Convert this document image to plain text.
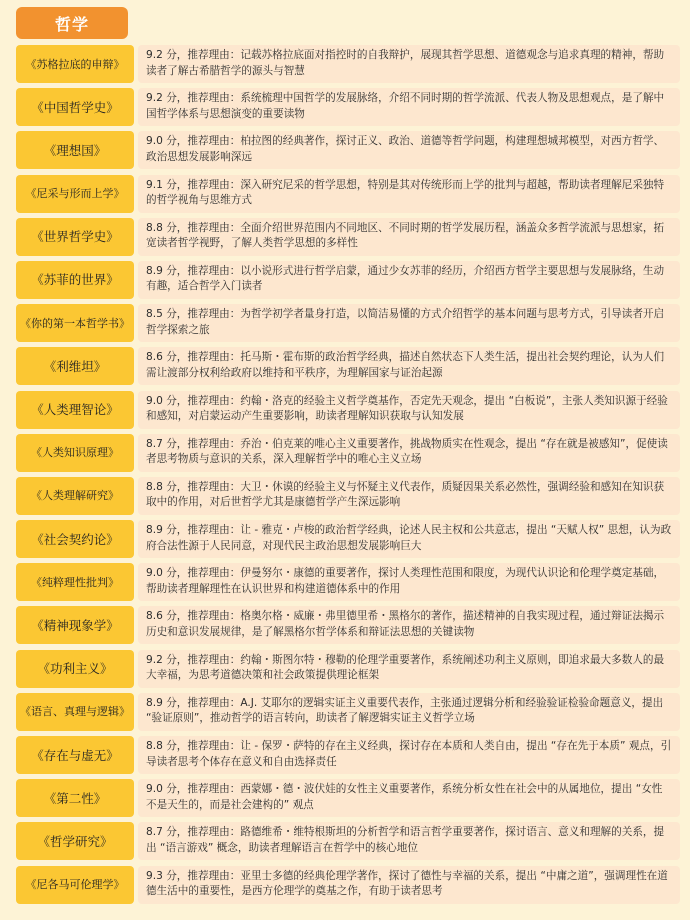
哲学
《苏格拉底的申辩》
9.2 分，推荐理由：记载苏格拉底面对指控时的自我辩护，展现其哲学思想、道德观念与追求真理的精神，帮助读者了解古希腊哲学的源头与智慧
《中国哲学史》
9.2 分，推荐理由：系统梳理中国哲学的发展脉络，介绍不同时期的哲学流派、代表人物及思想观点，是了解中国哲学体系与思想演变的重要读物
《理想国》
9.0 分，推荐理由：柏拉图的经典著作，探讨正义、政治、道德等哲学问题，构建理想城邦模型，对西方哲学、政治思想发展影响深远
《尼采与形而上学》
9.1 分，推荐理由：深入研究尼采的哲学思想，特别是其对传统形而上学的批判与超越，帮助读者理解尼采独特的哲学视角与思维方式
《世界哲学史》
8.8 分，推荐理由：全面介绍世界范围内不同地区、不同时期的哲学发展历程，涵盖众多哲学流派与思想家，拓宽读者哲学视野，了解人类哲学思想的多样性
《苏菲的世界》
8.9 分，推荐理由：以小说形式进行哲学启蒙，通过少女苏菲的经历，介绍西方哲学主要思想与发展脉络，生动有趣，适合哲学入门读者
《你的第一本哲学书》
8.5 分，推荐理由：为哲学初学者量身打造，以简洁易懂的方式介绍哲学的基本问题与思考方式，引导读者开启哲学探索之旅
《利维坦》
8.6 分，推荐理由：托马斯・霍布斯的政治哲学经典，描述自然状态下人类生活，提出社会契约理论，认为人们需让渡部分权利给政府以维持和平秩序，为理解国家与证治起源
《人类理智论》
9.0 分，推荐理由：约翰・洛克的经验主义哲学奠基作，否定先天观念，提出 “白板说”，主张人类知识源于经验和感知，对启蒙运动产生重要影响，助读者理解知识获取与认知发展
《人类知识原理》
8.7 分，推荐理由：乔治・伯克莱的唯心主义重要著作，挑战物质实在性观念，提出 “存在就是被感知”，促使读者思考物质与意识的关系，深入理解哲学中的唯心主义立场
《人类理解研究》
8.8 分，推荐理由：大卫・休谟的经验主义与怀疑主义代表作，质疑因果关系必然性，强调经验和感知在知识获取中的作用，对后世哲学尤其是康德哲学产生深远影响
《社会契约论》
8.9 分，推荐理由：让 - 雅克・卢梭的政治哲学经典，论述人民主权和公共意志，提出 “天赋人权” 思想，认为政府合法性源于人民同意，对现代民主政治思想发展影响巨大
《纯粹理性批判》
9.0 分，推荐理由：伊曼努尔・康德的重要著作，探讨人类理性范围和限度，为现代认识论和伦理学奠定基础，帮助读者理解理性在认识世界和构建道德体系中的作用
《精神现象学》
8.6 分，推荐理由：格奥尔格・威廉・弗里德里希・黑格尔的著作，描述精神的自我实现过程，通过辩证法揭示历史和意识发展规律，是了解黑格尔哲学体系和辩证法思想的关键读物
《功利主义》
9.2 分，推荐理由：约翰・斯图尔特・穆勒的伦理学重要著作，系统阐述功利主义原则，即追求最大多数人的最大幸福，为思考道德决策和社会政策提供理论框架
《语言、真理与逻辑》
8.9 分，推荐理由：A.J. 艾耶尔的逻辑实证主义重要代表作，主张通过逻辑分析和经验验证检验命题意义，提出 “验证原则”，推动哲学的语言转向，助读者了解逻辑实证主义哲学立场
《存在与虚无》
8.8 分，推荐理由：让 - 保罗・萨特的存在主义经典，探讨存在本质和人类自由，提出 “存在先于本质” 观点，引导读者思考个体存在意义和自由选择责任
《第二性》
9.0 分，推荐理由：西蒙娜・德・波伏娃的女性主义重要著作，系统分析女性在社会中的从属地位，提出 “女性不是天生的，而是社会建构的” 观点
《哲学研究》
8.7 分，推荐理由：路德维希・维特根斯坦的分析哲学和语言哲学重要著作，探讨语言、意义和理解的关系，提出 “语言游戏” 概念，助读者理解语言在哲学中的核心地位
《尼各马可伦理学》
9.3 分，推荐理由：亚里士多德的经典伦理学著作，探讨了德性与幸福的关系，提出 “中庸之道”，强调理性在道德生活中的重要性，是西方伦理学的奠基之作，有助于读者思考
